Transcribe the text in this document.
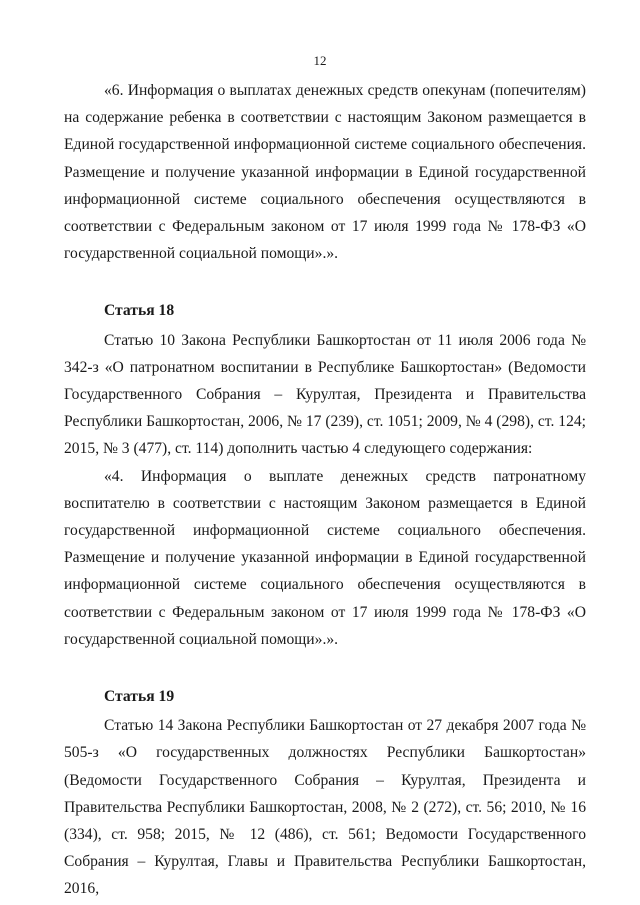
12

«6. Информация о выплатах денежных средств опекунам (попечителям) на содержание ребенка в соответствии с настоящим Законом размещается в Единой государственной информационной системе социального обеспечения. Размещение и получение указанной информации в Единой государственной информационной системе социального обеспечения осуществляются в соответствии с Федеральным законом от 17 июля 1999 года № 178-ФЗ «О государственной социальной помощи».».

Статья 18

Статью 10 Закона Республики Башкортостан от 11 июля 2006 года № 342-з «О патронатном воспитании в Республике Башкортостан» (Ведомости Государственного Собрания – Курултая, Президента и Правительства Республики Башкортостан, 2006, № 17 (239), ст. 1051; 2009, № 4 (298), ст. 124; 2015, № 3 (477), ст. 114) дополнить частью 4 следующего содержания:

«4. Информация о выплате денежных средств патронатному воспитателю в соответствии с настоящим Законом размещается в Единой государственной информационной системе социального обеспечения. Размещение и получение указанной информации в Единой государственной информационной системе социального обеспечения осуществляются в соответствии с Федеральным законом от 17 июля 1999 года № 178-ФЗ «О государственной социальной помощи».».

Статья 19

Статью 14 Закона Республики Башкортостан от 27 декабря 2007 года № 505-з «О государственных должностях Республики Башкортостан» (Ведомости Государственного Собрания – Курултая, Президента и Правительства Республики Башкортостан, 2008, № 2 (272), ст. 56; 2010, № 16 (334), ст. 958; 2015, № 12 (486), ст. 561; Ведомости Государственного Собрания – Курултая, Главы и Правительства Республики Башкортостан, 2016,
